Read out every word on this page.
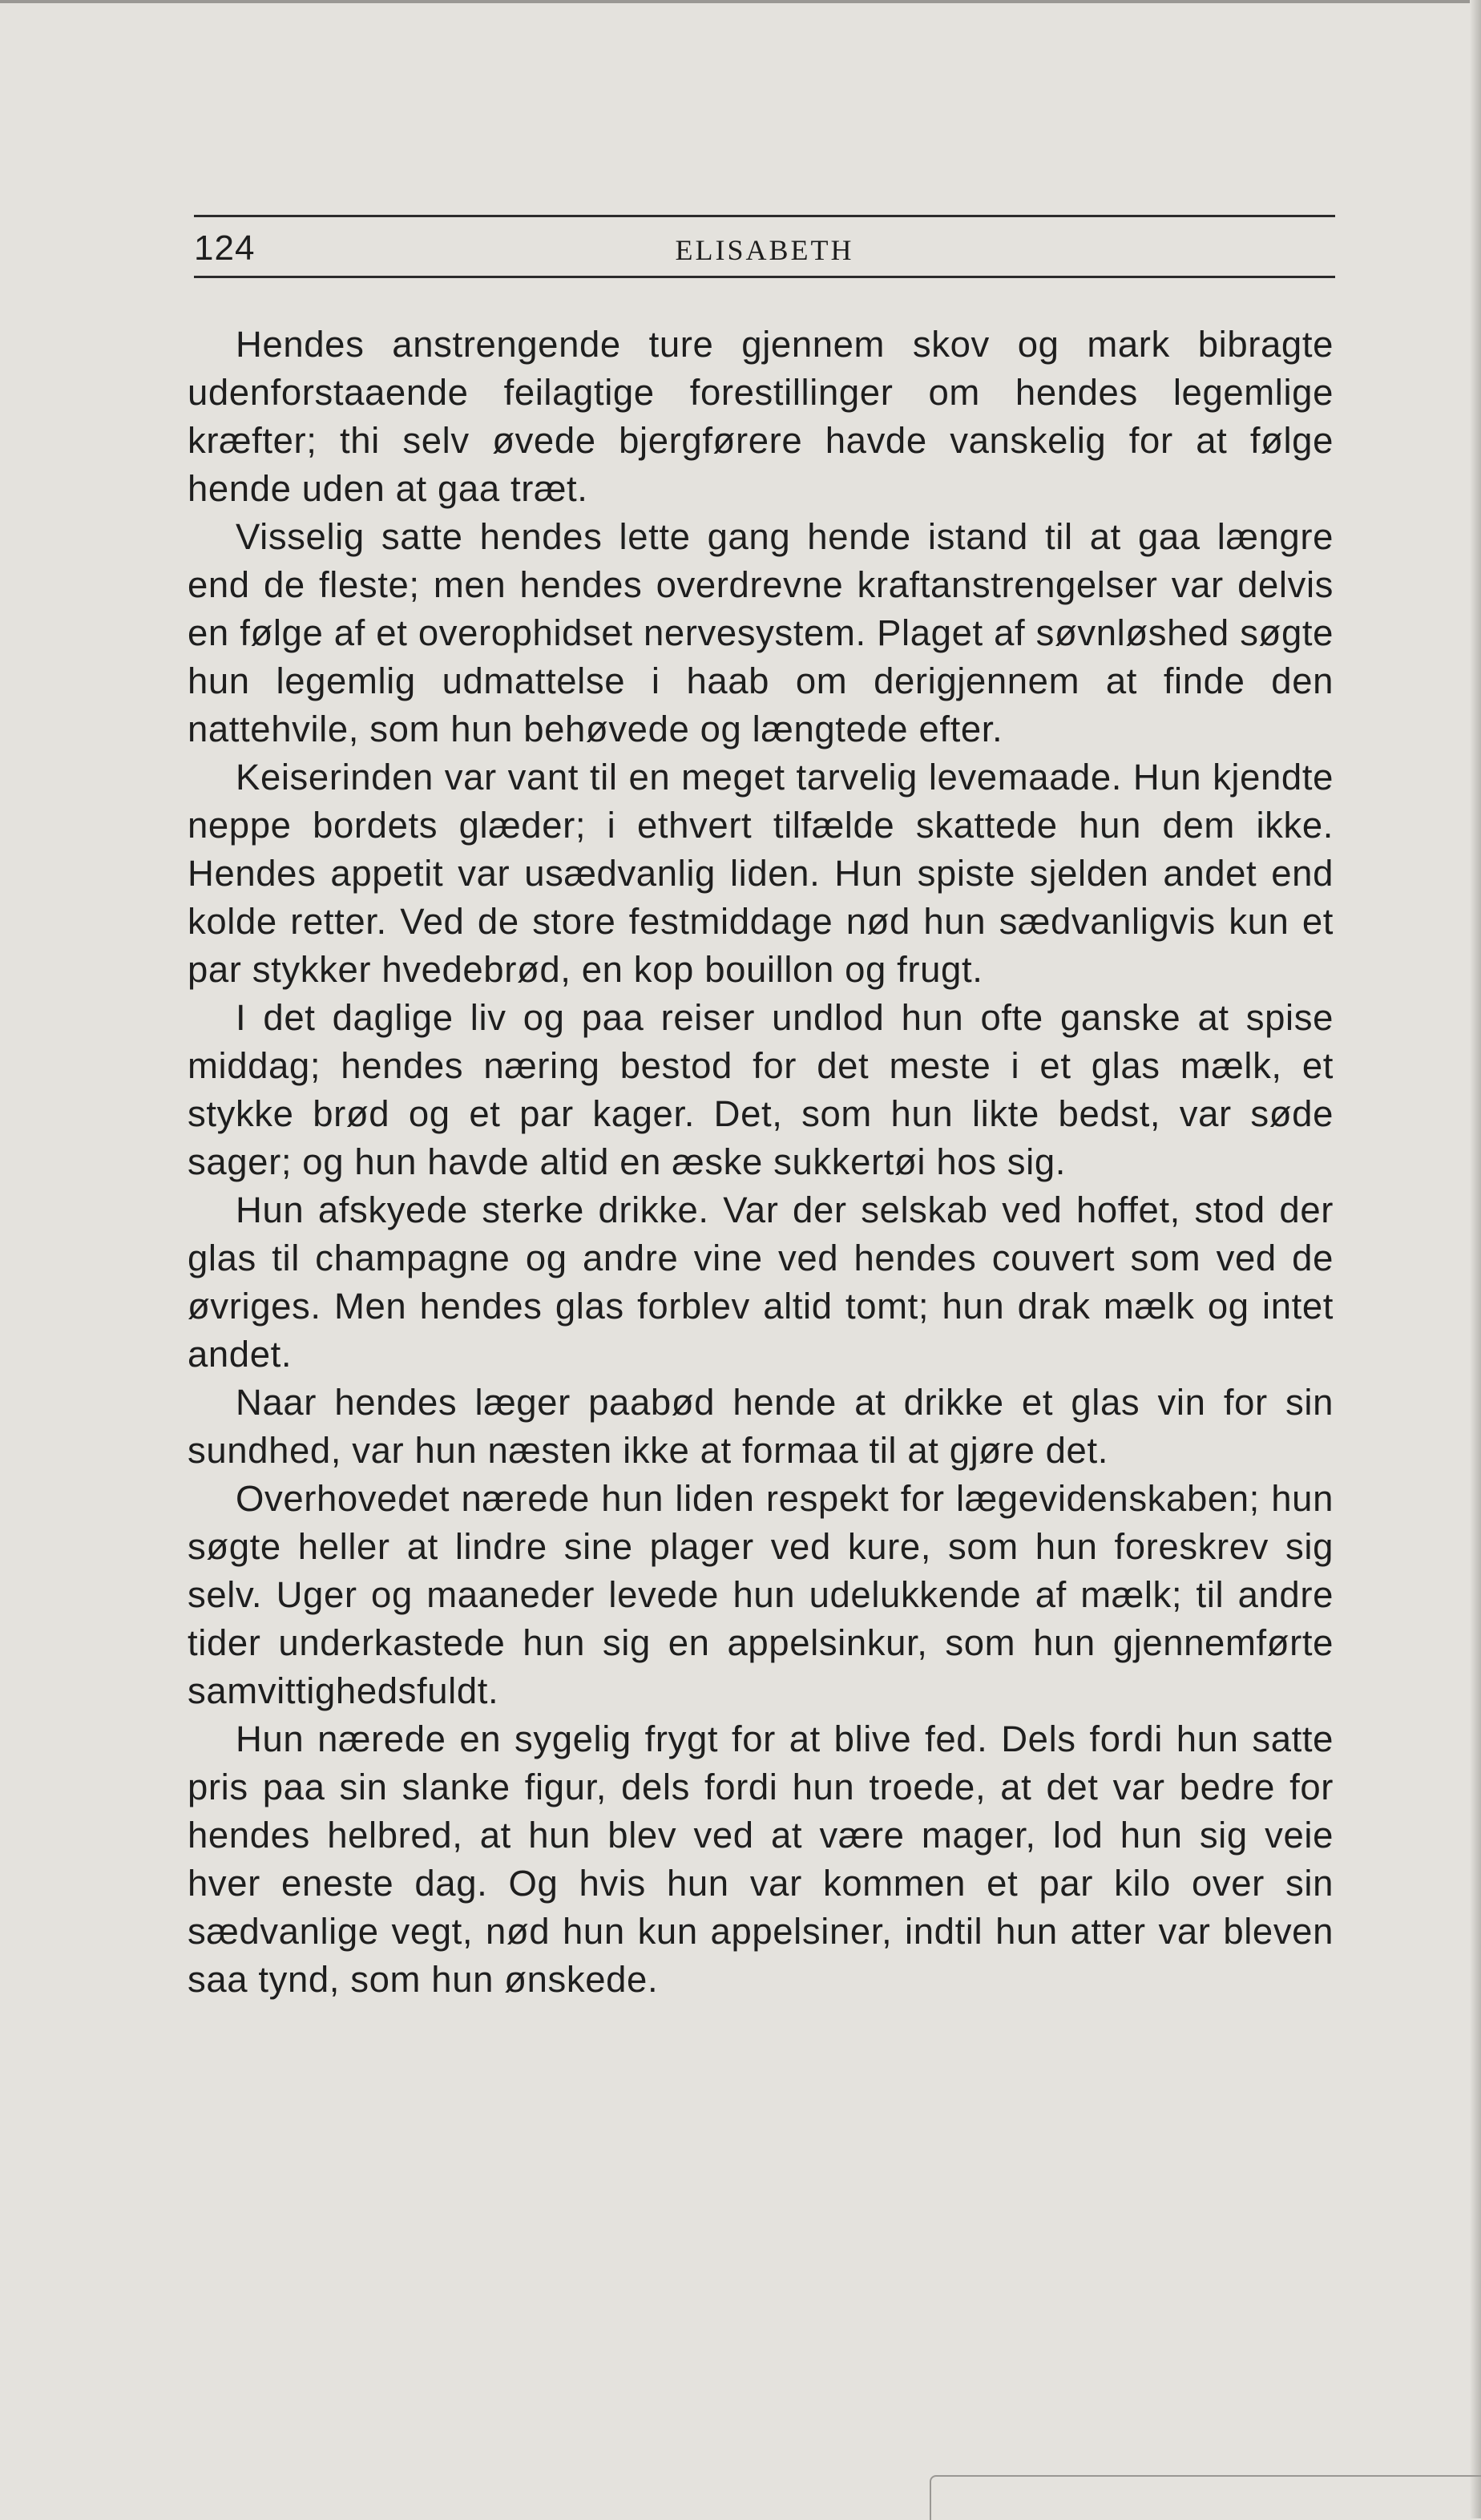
124	ELISABETH

Hendes anstrengende ture gjennem skov og mark bibragte udenforstaaende feilagtige forestillinger om hendes legemlige kræfter; thi selv øvede bjergførere havde vanskelig for at følge hende uden at gaa træt.

Visselig satte hendes lette gang hende istand til at gaa længre end de fleste; men hendes overdrevne kraftanstrengelser var delvis en følge af et overophidset nervesystem. Plaget af søvnløshed søgte hun legemlig udmattelse i haab om derigjennem at finde den nattehvile, som hun behøvede og længtede efter.

Keiserinden var vant til en meget tarvelig levemaade. Hun kjendte neppe bordets glæder; i ethvert tilfælde skattede hun dem ikke. Hendes appetit var usædvanlig liden. Hun spiste sjelden andet end kolde retter. Ved de store festmiddage nød hun sædvanligvis kun et par stykker hvedebrød, en kop bouillon og frugt.

I det daglige liv og paa reiser undlod hun ofte ganske at spise middag; hendes næring bestod for det meste i et glas mælk, et stykke brød og et par kager. Det, som hun likte bedst, var søde sager; og hun havde altid en æske sukkertøi hos sig.

Hun afskyede sterke drikke. Var der selskab ved hoffet, stod der glas til champagne og andre vine ved hendes couvert som ved de øvriges. Men hendes glas forblev altid tomt; hun drak mælk og intet andet.

Naar hendes læger paabød hende at drikke et glas vin for sin sundhed, var hun næsten ikke at formaa til at gjøre det.

Overhovedet nærede hun liden respekt for lægevidenskaben; hun søgte heller at lindre sine plager ved kure, som hun foreskrev sig selv. Uger og maaneder levede hun udelukkende af mælk; til andre tider underkastede hun sig en appelsinkur, som hun gjennemførte samvittighedsfuldt.

Hun nærede en sygelig frygt for at blive fed. Dels fordi hun satte pris paa sin slanke figur, dels fordi hun troede, at det var bedre for hendes helbred, at hun blev ved at være mager, lod hun sig veie hver eneste dag. Og hvis hun var kommen et par kilo over sin sædvanlige vegt, nød hun kun appelsiner, indtil hun atter var bleven saa tynd, som hun ønskede.
